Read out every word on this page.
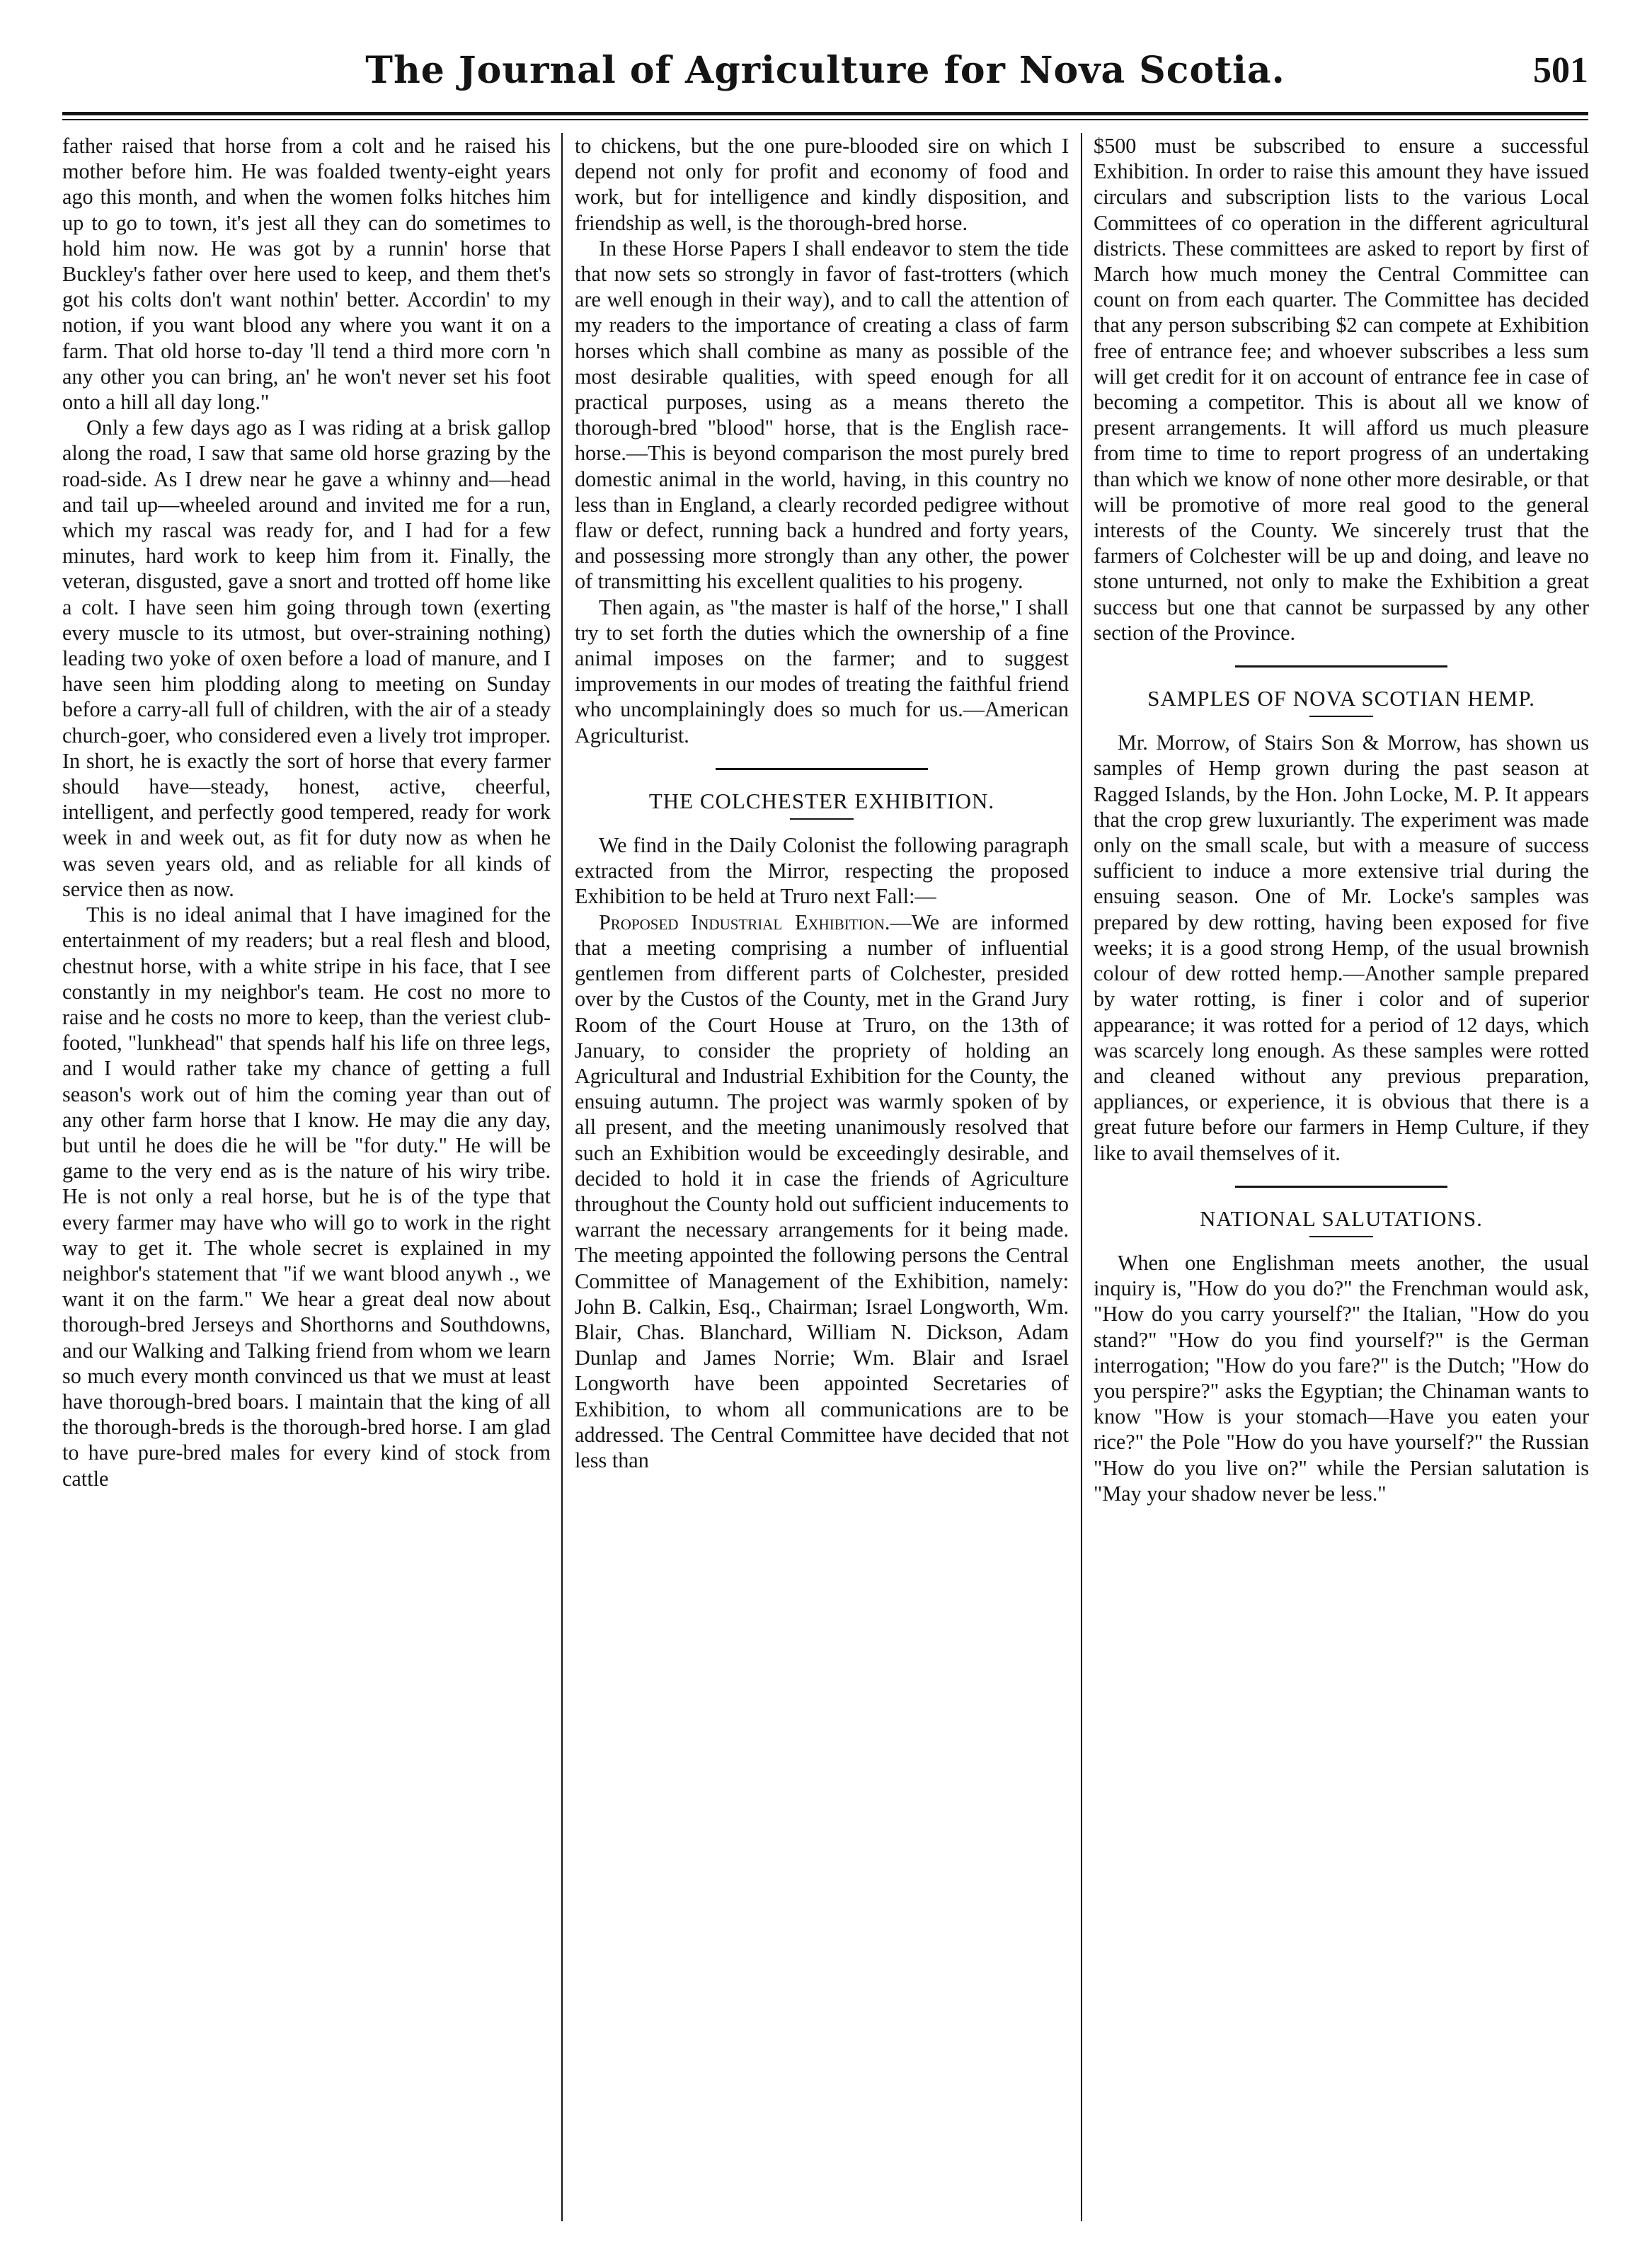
The Journal of Agriculture for Nova Scotia.	501

father raised that horse from a colt and he raised his mother before him. He was foalded twenty-eight years ago this month, and when the women folks hitches him up to go to town, it's jest all they can do sometimes to hold him now. He was got by a runnin' horse that Buckley's father over here used to keep, and them thet's got his colts don't want nothin' better. Accordin' to my notion, if you want blood any where you want it on a farm. That old horse to-day 'll tend a third more corn 'n any other you can bring, an' he won't never set his foot onto a hill all day long."

Only a few days ago as I was riding at a brisk gallop along the road, I saw that same old horse grazing by the road-side. As I drew near he gave a whinny and—head and tail up—wheeled around and invited me for a run, which my rascal was ready for, and I had for a few minutes, hard work to keep him from it. Finally, the veteran, disgusted, gave a snort and trotted off home like a colt. I have seen him going through town (exerting every muscle to its utmost, but over-straining nothing) leading two yoke of oxen before a load of manure, and I have seen him plodding along to meeting on Sunday before a carry-all full of children, with the air of a steady church-goer, who considered even a lively trot improper. In short, he is exactly the sort of horse that every farmer should have—steady, honest, active, cheerful, intelligent, and perfectly good tempered, ready for work week in and week out, as fit for duty now as when he was seven years old, and as reliable for all kinds of service then as now.

This is no ideal animal that I have imagined for the entertainment of my readers; but a real flesh and blood, chestnut horse, with a white stripe in his face, that I see constantly in my neighbor's team. He cost no more to raise and he costs no more to keep, than the veriest club-footed, "lunkhead" that spends half his life on three legs, and I would rather take my chance of getting a full season's work out of him the coming year than out of any other farm horse that I know. He may die any day, but until he does die he will be "for duty." He will be game to the very end as is the nature of his wiry tribe. He is not only a real horse, but he is of the type that every farmer may have who will go to work in the right way to get it. The whole secret is explained in my neighbor's statement that "if we want blood anywh ., we want it on the farm." We hear a great deal now about thorough-bred Jerseys and Shorthorns and Southdowns, and our Walking and Talking friend from whom we learn so much every month convinced us that we must at least have thorough-bred boars. I maintain that the king of all the thorough-breds is the thorough-bred horse. I am glad to have pure-bred males for every kind of stock from cattle

to chickens, but the one pure-blooded sire on which I depend not only for profit and economy of food and work, but for intelligence and kindly disposition, and friendship as well, is the thorough-bred horse.

In these Horse Papers I shall endeavor to stem the tide that now sets so strongly in favor of fast-trotters (which are well enough in their way), and to call the attention of my readers to the importance of creating a class of farm horses which shall combine as many as possible of the most desirable qualities, with speed enough for all practical purposes, using as a means thereto the thorough-bred "blood" horse, that is the English race-horse.—This is beyond comparison the most purely bred domestic animal in the world, having, in this country no less than in England, a clearly recorded pedigree without flaw or defect, running back a hundred and forty years, and possessing more strongly than any other, the power of transmitting his excellent qualities to his progeny.

Then again, as "the master is half of the horse," I shall try to set forth the duties which the ownership of a fine animal imposes on the farmer; and to suggest improvements in our modes of treating the faithful friend who uncomplainingly does so much for us.—American Agriculturist.

THE COLCHESTER EXHIBITION.

We find in the Daily Colonist the following paragraph extracted from the Mirror, respecting the proposed Exhibition to be held at Truro next Fall:—

Proposed Industrial Exhibition.—We are informed that a meeting comprising a number of influential gentlemen from different parts of Colchester, presided over by the Custos of the County, met in the Grand Jury Room of the Court House at Truro, on the 13th of January, to consider the propriety of holding an Agricultural and Industrial Exhibition for the County, the ensuing autumn. The project was warmly spoken of by all present, and the meeting unanimously resolved that such an Exhibition would be exceedingly desirable, and decided to hold it in case the friends of Agriculture throughout the County hold out sufficient inducements to warrant the necessary arrangements for it being made. The meeting appointed the following persons the Central Committee of Management of the Exhibition, namely: John B. Calkin, Esq., Chairman; Israel Longworth, Wm. Blair, Chas. Blanchard, William N. Dickson, Adam Dunlap and James Norrie; Wm. Blair and Israel Longworth have been appointed Secretaries of Exhibition, to whom all communications are to be addressed. The Central Committee have decided that not less than

$500 must be subscribed to ensure a successful Exhibition. In order to raise this amount they have issued circulars and subscription lists to the various Local Committees of co operation in the different agricultural districts. These committees are asked to report by first of March how much money the Central Committee can count on from each quarter. The Committee has decided that any person subscribing $2 can compete at Exhibition free of entrance fee; and whoever subscribes a less sum will get credit for it on account of entrance fee in case of becoming a competitor. This is about all we know of present arrangements. It will afford us much pleasure from time to time to report progress of an undertaking than which we know of none other more desirable, or that will be promotive of more real good to the general interests of the County. We sincerely trust that the farmers of Colchester will be up and doing, and leave no stone unturned, not only to make the Exhibition a great success but one that cannot be surpassed by any other section of the Province.

SAMPLES OF NOVA SCOTIAN HEMP.

Mr. Morrow, of Stairs Son & Morrow, has shown us samples of Hemp grown during the past season at Ragged Islands, by the Hon. John Locke, M. P. It appears that the crop grew luxuriantly. The experiment was made only on the small scale, but with a measure of success sufficient to induce a more extensive trial during the ensuing season. One of Mr. Locke's samples was prepared by dew rotting, having been exposed for five weeks; it is a good strong Hemp, of the usual brownish colour of dew rotted hemp.—Another sample prepared by water rotting, is finer i color and of superior appearance; it was rotted for a period of 12 days, which was scarcely long enough. As these samples were rotted and cleaned without any previous preparation, appliances, or experience, it is obvious that there is a great future before our farmers in Hemp Culture, if they like to avail themselves of it.

NATIONAL SALUTATIONS.

When one Englishman meets another, the usual inquiry is, "How do you do?" the Frenchman would ask, "How do you carry yourself?" the Italian, "How do you stand?" "How do you find yourself?" is the German interrogation; "How do you fare?" is the Dutch; "How do you perspire?" asks the Egyptian; the Chinaman wants to know "How is your stomach—Have you eaten your rice?" the Pole "How do you have yourself?" the Russian "How do you live on?" while the Persian salutation is "May your shadow never be less."
